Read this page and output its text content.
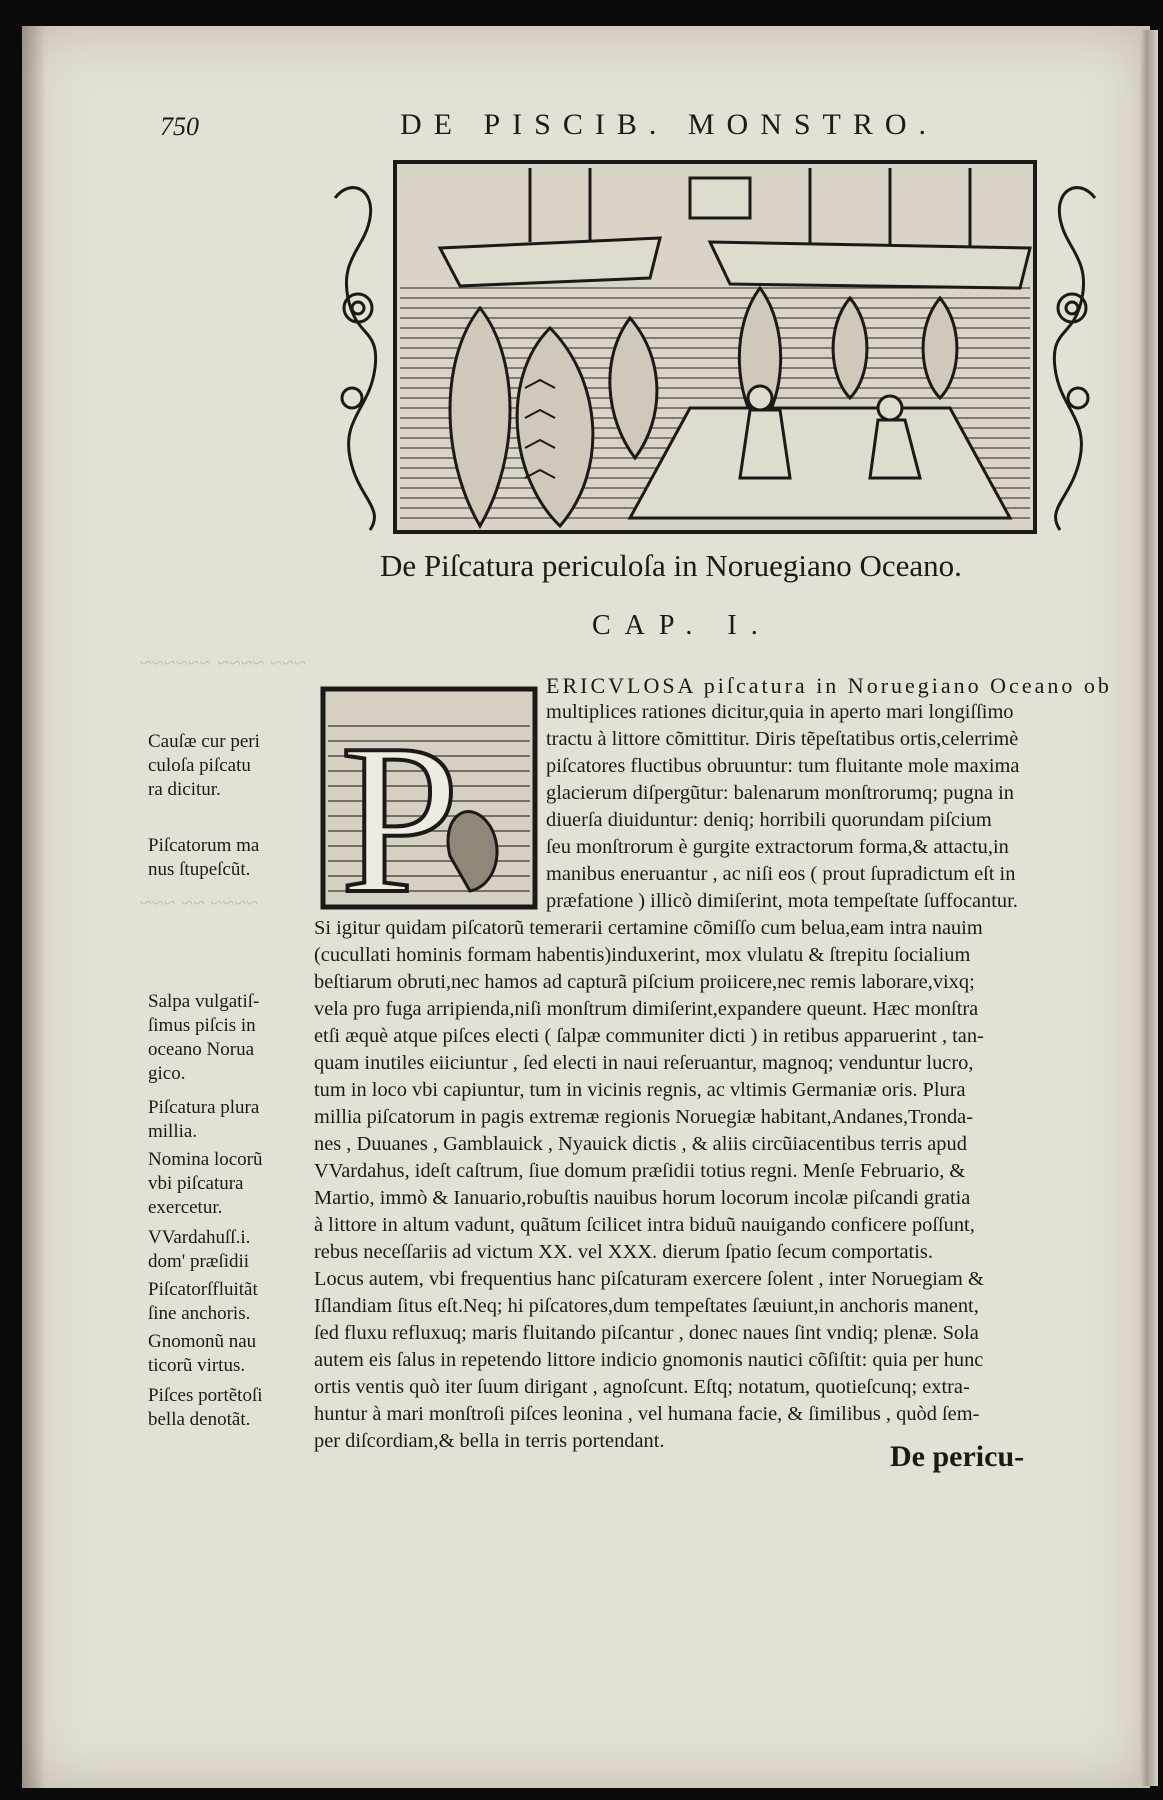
~~~ ~~~~ ~~~~~~
~~~~ ~~ ~~~
750	DE PISCIB. MONSTRO.
De Piſcatura periculoſa in Noruegiano Oceano.
CAP. I.
P
ERICVLOSA piſcatura in Noruegiano Oceano ob
multiplices rationes dicitur,quia in aperto mari longiſſimo
tractu à littore cõmittitur. Diris tẽpeſtatibus ortis,celerrimè
piſcatores fluctibus obruuntur: tum fluitante mole maxima
glacierum diſpergũtur: balenarum monſtrorumq; pugna in
diuerſa diuiduntur: deniq; horribili quorundam piſcium
ſeu monſtrorum è gurgite extractorum forma,& attactu,in
manibus eneruantur , ac niſi eos ( prout ſupradictum eſt in
præfatione ) illicò dimiſerint, mota tempeſtate ſuffocantur.
Si igitur quidam piſcatorũ temerarii certamine cõmiſſo cum belua,eam intra nauim
(cucullati hominis formam habentis)induxerint, mox vlulatu & ſtrepitu ſocialium
beſtiarum obruti,nec hamos ad capturã piſcium proiicere,nec remis laborare,vixq;
vela pro fuga arripienda,niſi monſtrum dimiſerint,expandere queunt. Hæc monſtra
etſi æquè atque piſces electi ( ſalpæ communiter dicti ) in retibus apparuerint , tan-
quam inutiles eiiciuntur , ſed electi in naui reſeruantur, magnoq; venduntur lucro,
tum in loco vbi capiuntur, tum in vicinis regnis, ac vltimis Germaniæ oris. Plura
millia piſcatorum in pagis extremæ regionis Noruegiæ habitant,Andanes,Tronda-
nes , Duuanes , Gamblauick , Nyauick dictis , & aliis circũiacentibus terris apud
VVardahus, ideſt caſtrum, ſiue domum præſidii totius regni. Menſe Februario, &
Martio, immò & Ianuario,robuſtis nauibus horum locorum incolæ piſcandi gratia
à littore in altum vadunt, quãtum ſcilicet intra biduũ nauigando conficere poſſunt,
rebus neceſſariis ad victum XX. vel XXX. dierum ſpatio ſecum comportatis.
Locus autem, vbi frequentius hanc piſcaturam exercere ſolent , inter Noruegiam &
Iſlandiam ſitus eſt.Neq; hi piſcatores,dum tempeſtates ſæuiunt,in anchoris manent,
ſed fluxu refluxuq; maris fluitando piſcantur , donec naues ſint vndiq; plenæ. Sola
autem eis ſalus in repetendo littore indicio gnomonis nautici cõſiſtit: quia per hunc
ortis ventis quò iter ſuum dirigant , agnoſcunt. Eſtq; notatum, quotieſcunq; extra-
huntur à mari monſtroſi piſces leonina , vel humana facie, & ſimilibus , quòd ſem-
per diſcordiam,& bella in terris portendant.
Cauſæ cur peri
culoſa piſcatu
ra dicitur.
Piſcatorum ma
nus ſtupeſcũt.
Salpa vulgatiſ-
ſimus piſcis in
oceano Norua
gico.
Piſcatura plura
millia.
Nomina locorũ
vbi piſcatura
exercetur.
VVardahuſſ.i.
dom' præſidii
Piſcatorſfluitãt
ſine anchoris.
Gnomonũ nau
ticorũ virtus.
Piſces portẽtoſi
bella denotãt.
De pericu-
